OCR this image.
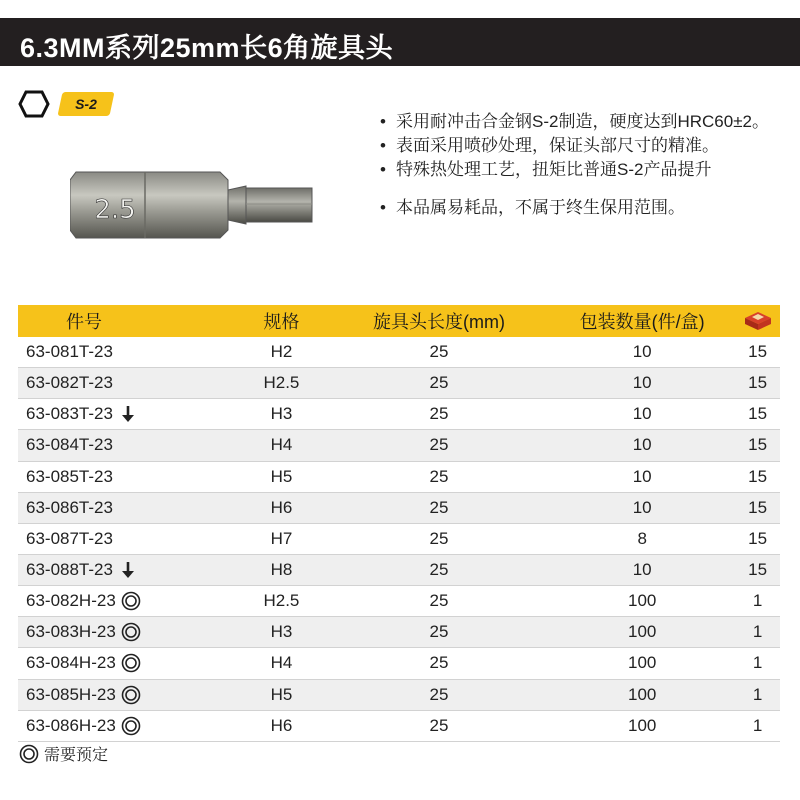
6.3MM系列25mm长6角旋具头
S-2
2.5
• 采用耐冲击合金钢S-2制造，硬度达到HRC60±2。
• 表面采用喷砂处理，保证头部尺寸的精准。
• 特殊热处理工艺，扭矩比普通S-2产品提升
• 本品属易耗品，不属于终生保用范围。
件号	规格	旋具头长度(mm)	包装数量(件/盒)	

63-081T-23	H2	25	10	15

63-082T-23	H2.5	25	10	15

63-083T-23	H3	25	10	15

63-084T-23	H4	25	10	15

63-085T-23	H5	25	10	15

63-086T-23	H6	25	10	15

63-087T-23	H7	25	8	15

63-088T-23	H8	25	10	15

63-082H-23	H2.5	25	100	1

63-083H-23	H3	25	100	1

63-084H-23	H4	25	100	1

63-085H-23	H5	25	100	1

63-086H-23	H6	25	100	1
需要预定
